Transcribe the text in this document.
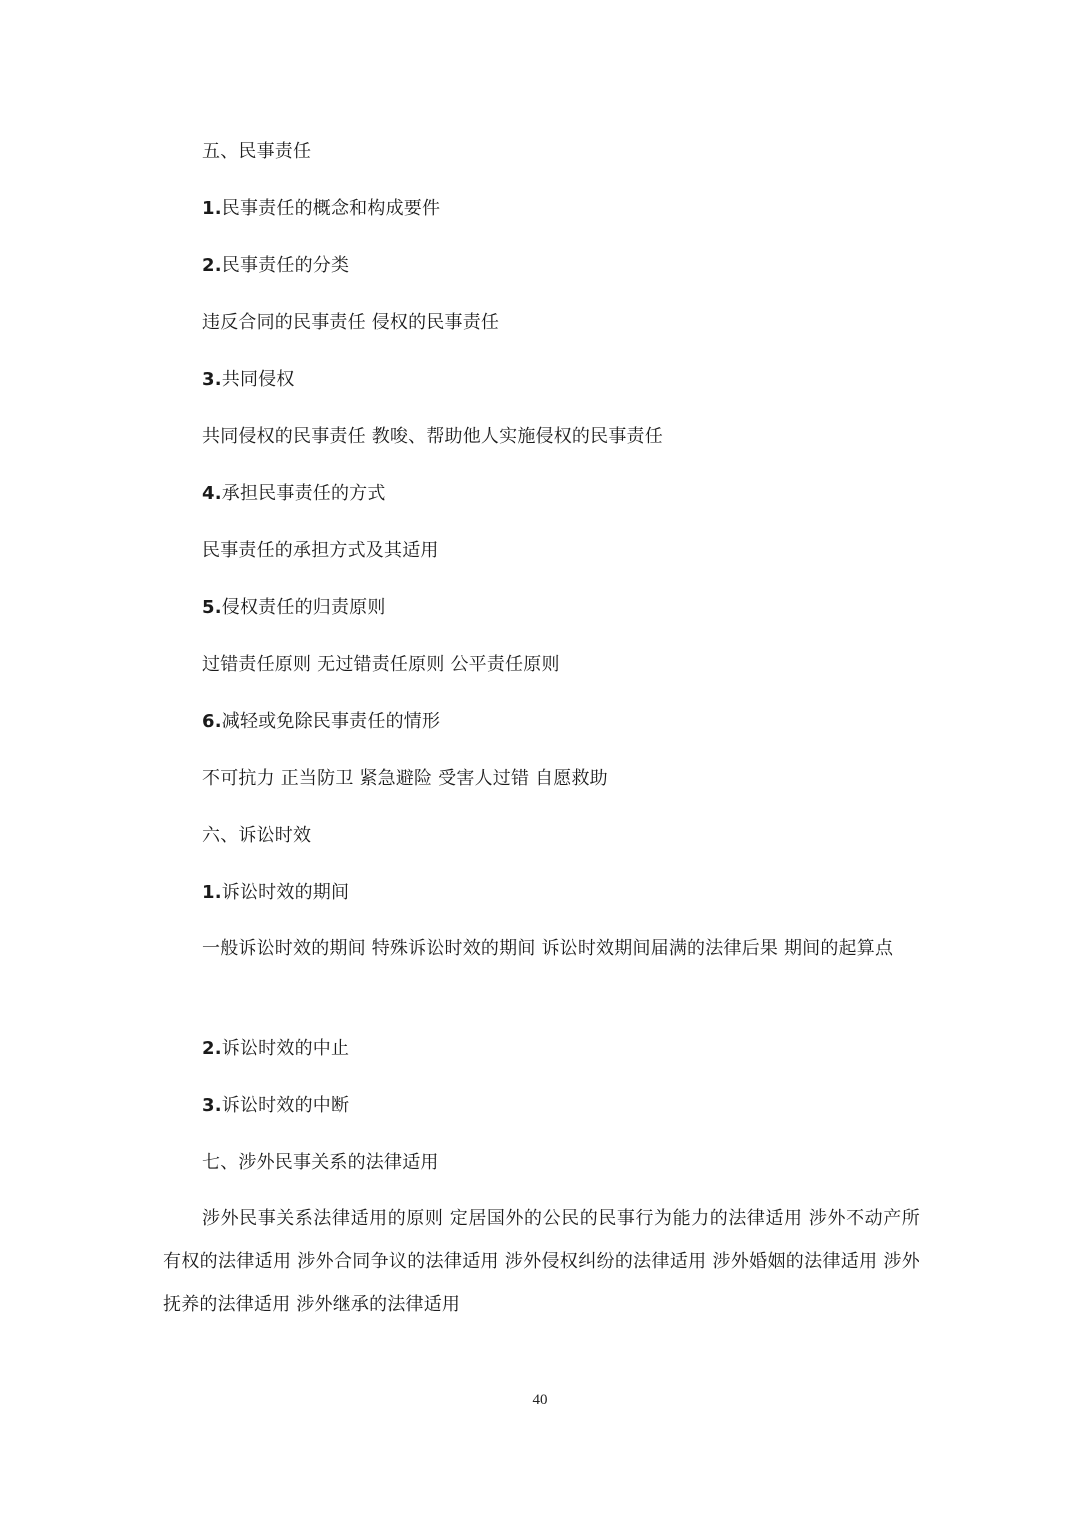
五、民事责任
1.民事责任的概念和构成要件
2.民事责任的分类
违反合同的民事责任 侵权的民事责任
3.共同侵权
共同侵权的民事责任 教唆、帮助他人实施侵权的民事责任
4.承担民事责任的方式
民事责任的承担方式及其适用
5.侵权责任的归责原则
过错责任原则 无过错责任原则 公平责任原则
6.减轻或免除民事责任的情形
不可抗力 正当防卫 紧急避险 受害人过错 自愿救助
六、诉讼时效
1.诉讼时效的期间
一般诉讼时效的期间 特殊诉讼时效的期间 诉讼时效期间届满的法律后果 期间的起算点
2.诉讼时效的中止
3.诉讼时效的中断
七、涉外民事关系的法律适用
涉外民事关系法律适用的原则 定居国外的公民的民事行为能力的法律适用 涉外不动产所有权的法律适用 涉外合同争议的法律适用 涉外侵权纠纷的法律适用 涉外婚姻的法律适用 涉外抚养的法律适用 涉外继承的法律适用
40
